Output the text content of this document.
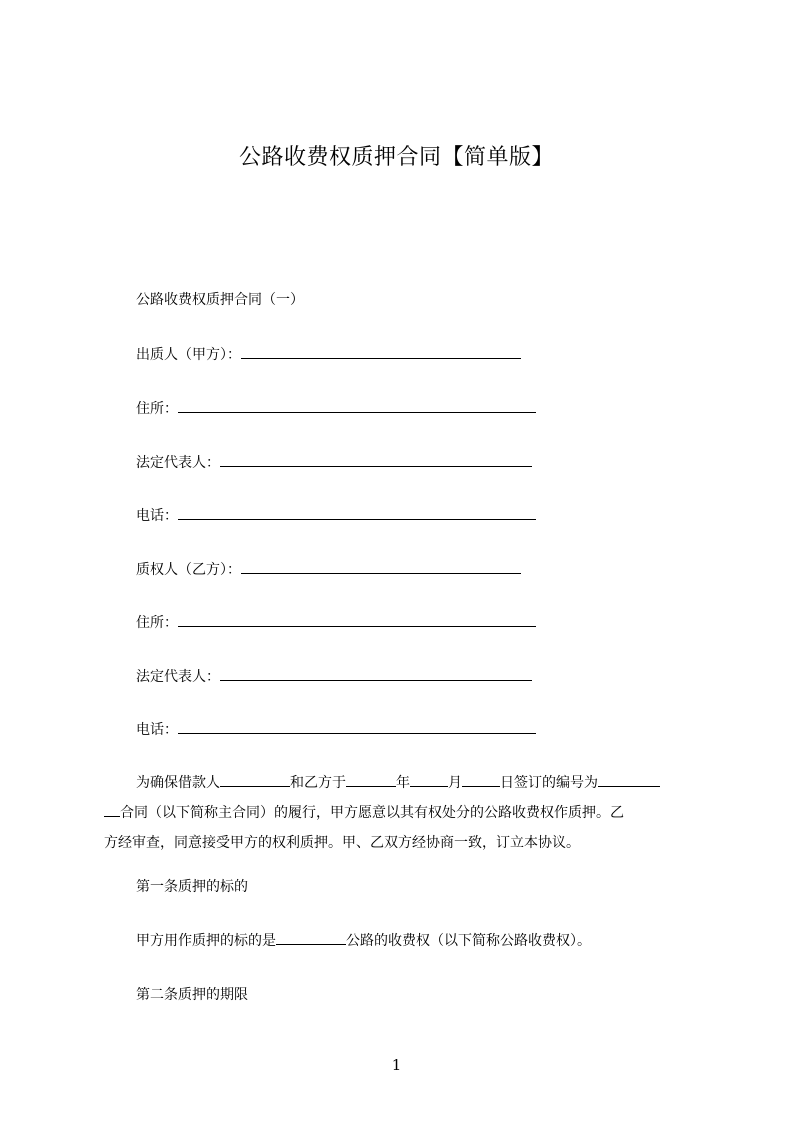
公路收费权质押合同【简单版】
公路收费权质押合同（一）
出质人（甲方）：
住所：
法定代表人：
电话：
质权人（乙方）：
住所：
法定代表人：
电话：
为确保借款人	和乙方于	年	月	日签订的编号为
合同（以下简称主合同）的履行，甲方愿意以其有权处分的公路收费权作质押。乙
方经审查，同意接受甲方的权利质押。甲、乙双方经协商一致，订立本协议。
第一条质押的标的
甲方用作质押的标的是	公路的收费权（以下简称公路收费权）。
第二条质押的期限
1
